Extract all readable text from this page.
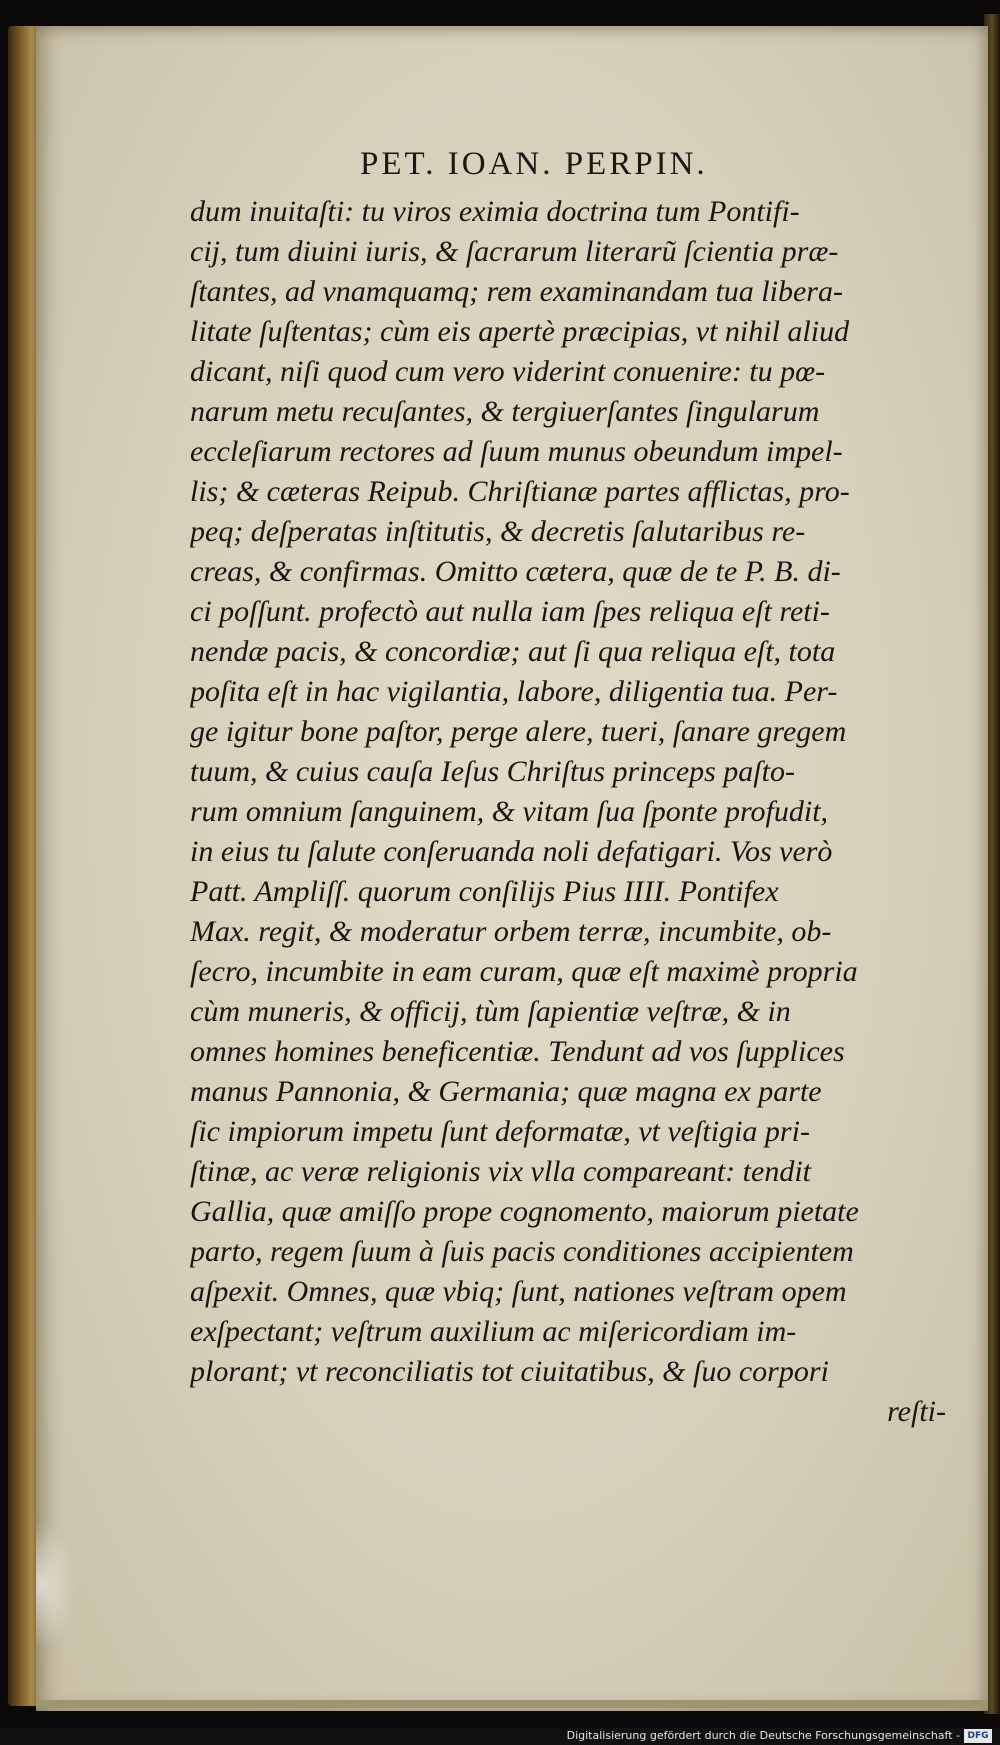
PET. IOAN. PERPIN.
dum inuitaſti: tu viros eximia doctrina tum Pontifi-
cij, tum diuini iuris, & ſacrarum literarũ ſcientia præ-
ſtantes, ad vnamquamq; rem examinandam tua libera-
litate ſuſtentas; cùm eis apertè præcipias, vt nihil aliud
dicant, niſi quod cum vero viderint conuenire: tu pœ-
narum metu recuſantes, & tergiuerſantes ſingularum
eccleſiarum rectores ad ſuum munus obeundum impel-
lis; & cæteras Reipub. Chriſtianæ partes afflictas, pro-
peq; deſperatas inſtitutis, & decretis ſalutaribus re-
creas, & confirmas. Omitto cætera, quæ de te P. B. di-
ci poſſunt. profectò aut nulla iam ſpes reliqua eſt reti-
nendæ pacis, & concordiæ; aut ſi qua reliqua eſt, tota
poſita eſt in hac vigilantia, labore, diligentia tua. Per-
ge igitur bone paſtor, perge alere, tueri, ſanare gregem
tuum, & cuius cauſa Ieſus Chriſtus princeps paſto-
rum omnium ſanguinem, & vitam ſua ſponte profudit,
in eius tu ſalute conſeruanda noli defatigari. Vos verò
Patt. Ampliſſ. quorum conſilijs Pius IIII. Pontifex
Max. regit, & moderatur orbem terræ, incumbite, ob-
ſecro, incumbite in eam curam, quæ eſt maximè propria
cùm muneris, & officij, tùm ſapientiæ veſtræ, & in
omnes homines beneficentiæ. Tendunt ad vos ſupplices
manus Pannonia, & Germania; quæ magna ex parte
ſic impiorum impetu ſunt deformatæ, vt veſtigia pri-
ſtinæ, ac veræ religionis vix vlla compareant: tendit
Gallia, quæ amiſſo prope cognomento, maiorum pietate
parto, regem ſuum à ſuis pacis conditiones accipientem
aſpexit. Omnes, quæ vbiq; ſunt, nationes veſtram opem
exſpectant; veſtrum auxilium ac miſericordiam im-
plorant; vt reconciliatis tot ciuitatibus, & ſuo corpori
reſti-
Digitalisierung gefördert durch die Deutsche Forschungsgemeinschaft - DFG
